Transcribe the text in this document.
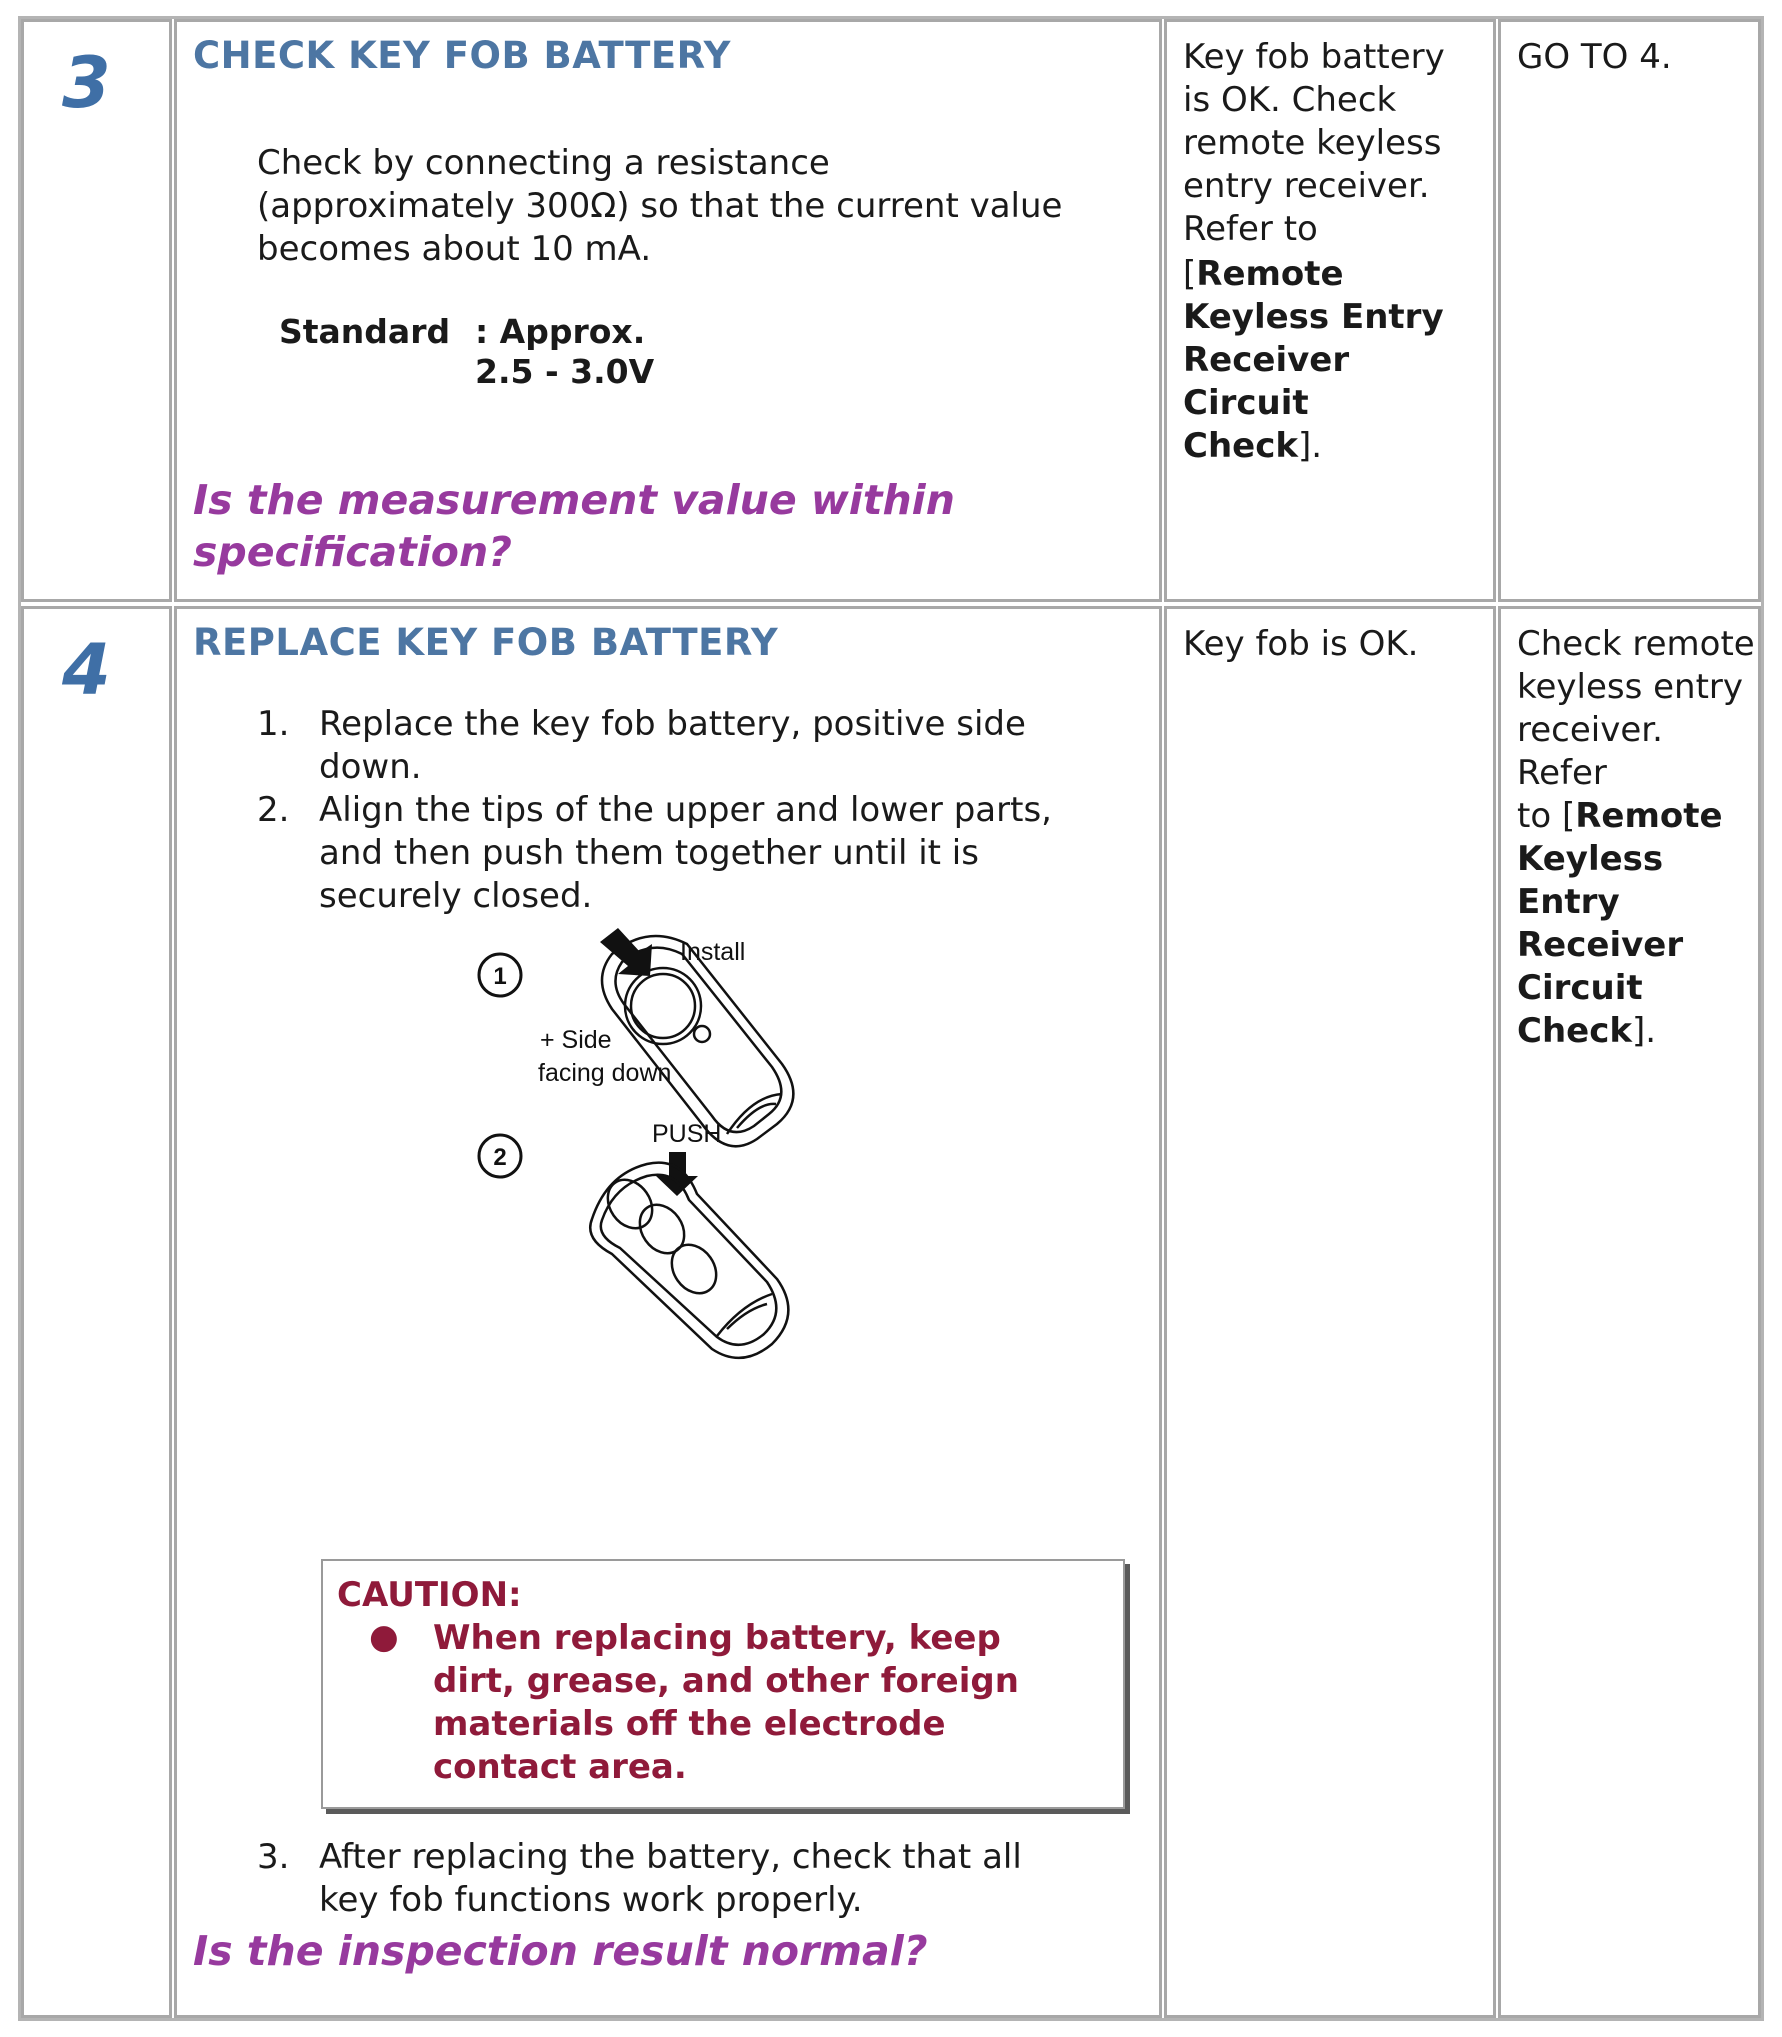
3 CHECK KEY FOB BATTERY
Check by connecting a resistance
(approximately 300Ω) so that the current value
becomes about 10 mA.
Standard : Approx.
2.5 - 3.0V
Is the measurement value within
specification?
Key fob battery
is OK. Check
remote keyless
entry receiver.
Refer to
[Remote
Keyless Entry
Receiver
Circuit
Check].
GO TO 4.
4 REPLACE KEY FOB BATTERY
1. Replace the key fob battery, positive side
down.
2. Align the tips of the upper and lower parts,
and then push them together until it is
securely closed.
1
Install
+ Side
facing down
2
PUSH
CAUTION:
● When replacing battery, keep
dirt, grease, and other foreign
materials off the electrode
contact area.
3. After replacing the battery, check that all
key fob functions work properly.
Is the inspection result normal?
Key fob is OK.	Check remote
keyless entry
receiver. Refer
to [Remote
Keyless
Entry
Receiver
Circuit
Check].
